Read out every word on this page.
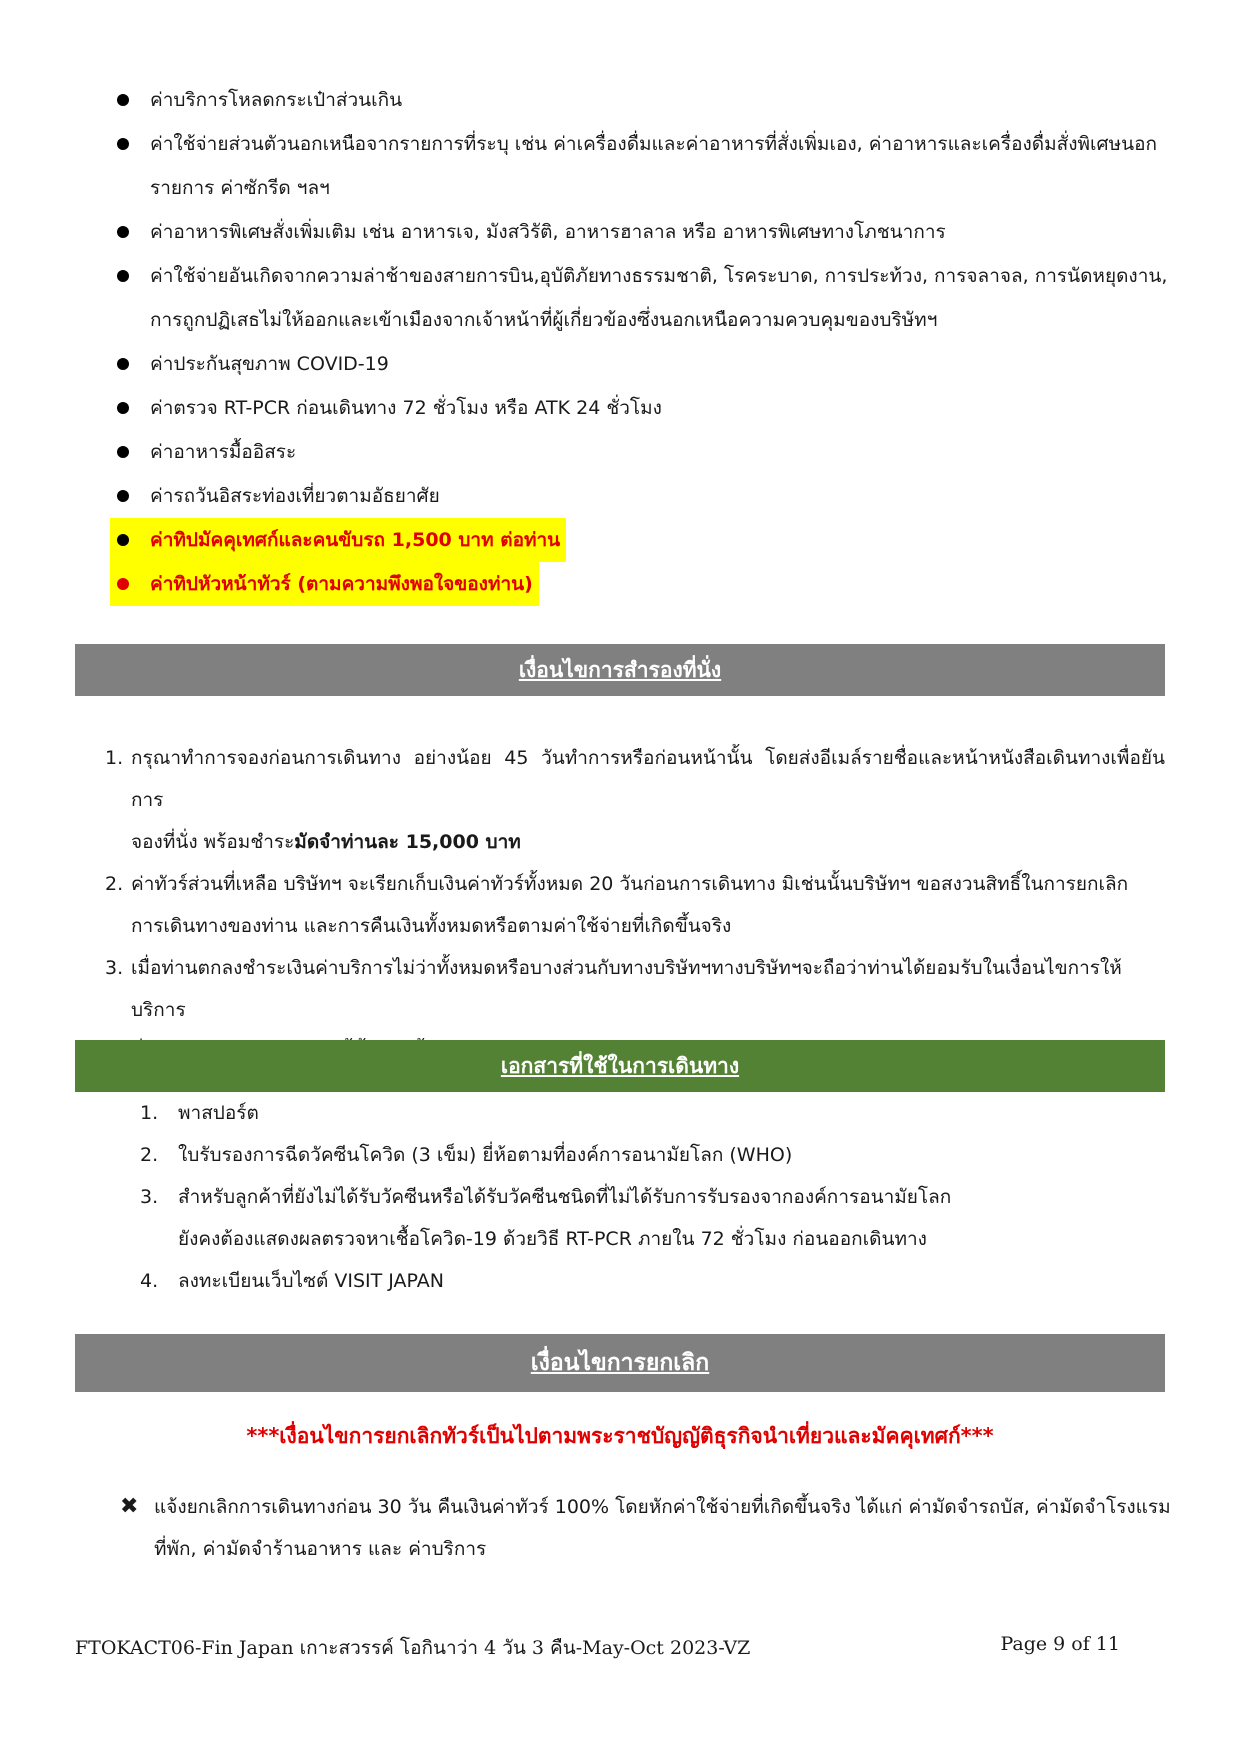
ค่าบริการโหลดกระเป๋าส่วนเกิน
ค่าใช้จ่ายส่วนตัวนอกเหนือจากรายการที่ระบุ เช่น ค่าเครื่องดื่มและค่าอาหารที่สั่งเพิ่มเอง, ค่าอาหารและเครื่องดื่มสั่งพิเศษนอก
รายการ ค่าซักรีด ฯลฯ
ค่าอาหารพิเศษสั่งเพิ่มเติม เช่น อาหารเจ, มังสวิรัติ, อาหารฮาลาล หรือ อาหารพิเศษทางโภชนาการ
ค่าใช้จ่ายอันเกิดจากความล่าช้าของสายการบิน,อุบัติภัยทางธรรมชาติ, โรคระบาด, การประท้วง, การจลาจล, การนัดหยุดงาน,
การถูกปฏิเสธไม่ให้ออกและเข้าเมืองจากเจ้าหน้าที่ผู้เกี่ยวข้องซึ่งนอกเหนือความควบคุมของบริษัทฯ
ค่าประกันสุขภาพ COVID-19
ค่าตรวจ RT-PCR ก่อนเดินทาง 72 ชั่วโมง หรือ ATK 24 ชั่วโมง
ค่าอาหารมื้ออิสระ
ค่ารถวันอิสระท่องเที่ยวตามอัธยาศัย
ค่าทิปมัคคุเทศก์และคนขับรถ 1,500 บาท ต่อท่าน

ค่าทิปหัวหน้าทัวร์ (ตามความพึงพอใจของท่าน)
เงื่อนไขการสำรองที่นั่ง
1. กรุณาทำการจองก่อนการเดินทาง อย่างน้อย 45 วันทำการหรือก่อนหน้านั้น โดยส่งอีเมล์รายชื่อและหน้าหนังสือเดินทางเพื่อยันการ
จองที่นั่ง พร้อมชำระมัดจำท่านละ 15,000 บาท
2. ค่าทัวร์ส่วนที่เหลือ บริษัทฯ จะเรียกเก็บเงินค่าทัวร์ทั้งหมด 20 วันก่อนการเดินทาง มิเช่นนั้นบริษัทฯ ขอสงวนสิทธิ์ในการยกเลิก
การเดินทางของท่าน และการคืนเงินทั้งหมดหรือตามค่าใช้จ่ายที่เกิดขึ้นจริง
3. เมื่อท่านตกลงชำระเงินค่าบริการไม่ว่าทั้งหมดหรือบางส่วนกับทางบริษัทฯทางบริษัทฯจะถือว่าท่านได้ยอมรับในเงื่อนไขการให้บริการ
เอกสารที่ใช้ในการเดินทาง
1. พาสปอร์ต
2. ใบรับรองการฉีดวัคซีนโควิด (3 เข็ม) ยี่ห้อตามที่องค์การอนามัยโลก (WHO)
3. สำหรับลูกค้าที่ยังไม่ได้รับวัคซีนหรือได้รับวัคซีนชนิดที่ไม่ได้รับการรับรองจากองค์การอนามัยโลก
ยังคงต้องแสดงผลตรวจหาเชื้อโควิด-19 ด้วยวิธี RT-PCR ภายใน 72 ชั่วโมง ก่อนออกเดินทาง
4. ลงทะเบียนเว็บไซต์ VISIT JAPAN
เงื่อนไขการยกเลิก
***เงื่อนไขการยกเลิกทัวร์เป็นไปตามพระราชบัญญัติธุรกิจนำเที่ยวและมัคคุเทศก์***
✖ แจ้งยกเลิกการเดินทางก่อน 30 วัน คืนเงินค่าทัวร์ 100% โดยหักค่าใช้จ่ายที่เกิดขึ้นจริง ได้แก่ ค่ามัดจำรถบัส, ค่ามัดจำโรงแรม
ที่พัก, ค่ามัดจำร้านอาหาร และ ค่าบริการ
FTOKACT06-Fin Japan เกาะสวรรค์ โอกินาว่า 4 วัน 3 คืน-May-Oct 2023-VZ	Page 9 of 11
